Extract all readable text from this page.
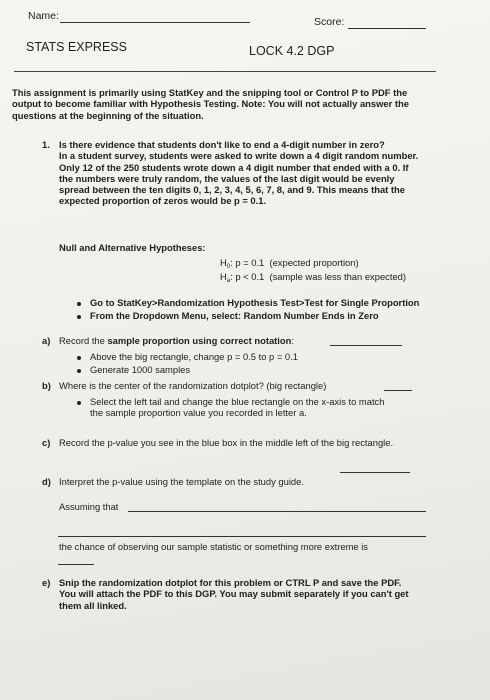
Name:	Score:
STATS EXPRESS	LOCK 4.2 DGP
This assignment is primarily using StatKey and the snipping tool or Control P to PDF the output to become familiar with Hypothesis Testing. Note: You will not actually answer the questions at the beginning of the situation.
1. Is there evidence that students don't like to end a 4-digit number in zero?
In a student survey, students were asked to write down a 4 digit random number.
Only 12 of the 250 students wrote down a 4 digit number that ended with a 0. If
the numbers were truly random, the values of the last digit would be evenly
spread between the ten digits 0, 1, 2, 3, 4, 5, 6, 7, 8, and 9. This means that the
expected proportion of zeros would be p = 0.1.
Null and Alternative Hypotheses:
$H_0$: p = 0.1  (expected proportion)
$H_a$: p < 0.1  (sample was less than expected)
Go to StatKey>Randomization Hypothesis Test>Test for Single Proportion
From the Dropdown Menu, select: Random Number Ends in Zero
a) Record the sample proportion using correct notation:
Above the big rectangle, change p = 0.5 to p = 0.1
Generate 1000 samples
b) Where is the center of the randomization dotplot? (big rectangle)
Select the left tail and change the blue rectangle on the x-axis to match
the sample proportion value you recorded in letter a.
c) Record the p-value you see in the blue box in the middle left of the big rectangle.
d) Interpret the p-value using the template on the study guide.
Assuming that
the chance of observing our sample statistic or something more extreme is
e) Snip the randomization dotplot for this problem or CTRL P and save the PDF.
You will attach the PDF to this DGP. You may submit separately if you can't get
them all linked.
